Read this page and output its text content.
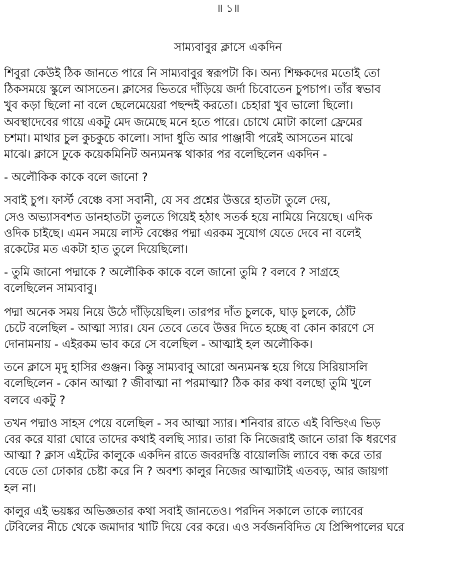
॥ ১॥
সাম্যবাবুর ক্লাসে একদিন
শিবুরা কেউই ঠিক জানতে পারে নি সাম্যবাবুর স্বরূপটা কি। অন্য শিক্ষকদের মতোই তো
ঠিকসময়ে স্কুলে আসতেন। ক্লাসের ভিতরে দাঁড়িয়ে জর্দা চিবোতেন চুপচাপ। তাঁর স্বভাব
খুব কড়া ছিলো না বলে ছেলেমেয়েরা পছন্দই করতো। চেহারা খুব ভালো ছিলো।
অবস্থাদেবের গায়ে একটু মেদ জমেছে মনে হতে পারে। চোখে মোটা কালো ফ্রেমের
চশমা। মাথার চুল কুচকুচে কালো। সাদা ধুতি আর পাঞ্জাবী পরেই আসতেন মাঝে
মাঝে। ক্লাসে ঢুকে কয়েকমিনিট অন্যমনস্ক থাকার পর বলেছিলেন একদিন -
- অলৌকিক কাকে বলে জানো ?
সবাই চুপ। ফার্স্ট বেঞ্চে বসা সবানী, যে সব প্রশ্নের উত্তরে হাতটা তুলে দেয়,
সেও অভ্যাসবশত ডানহাতটা তুলতে গিয়েই হঠাৎ সতর্ক হয়ে নামিয়ে নিয়েছে। এদিক
ওদিক চাইছে। এমন সময়ে লাস্ট বেঞ্চের পদ্মা এরকম সুযোগ যেতে দেবে না বলেই
রকেটের মত একটা হাত তুলে দিয়েছিলো।
- তুমি জানো পদ্মাকে ? অলৌকিক কাকে বলে জানো তুমি ? বলবে ? সাগ্রহে
বলেছিলেন সাম্যবাবু।
পদ্মা অনেক সময় নিয়ে উঠে দাঁড়িয়েছিল। তারপর দাঁত চুলকে, ঘাড় চুলকে, ঠোঁট
চেটে বলেছিল - আত্মা স্যার। যেন তেবে তেবে উত্তর দিতে হচ্ছে বা কোন কারণে সে
দোনামনায় - এইরকম ভাব করে সে বলেছিল - আত্মাই হল অলৌকিক।
তনে ক্লাসে মৃদু হাসির গুঞ্জন। কিন্তু সাম্যবাবু আরো অন্যমনস্ক হয়ে গিয়ে সিরিয়াসলি
বলেছিলেন - কোন আত্মা ? জীবাত্মা না পরমাত্মা? ঠিক কার কথা বলছো তুমি খুলে
বলবে একটু ?
তখন পদ্মাও সাহস পেয়ে বলেছিল - সব আত্মা স্যার। শনিবার রাতে এই বিল্ডিংএ ভিড়
বের করে যারা ঘোরে তাদের কথাই বলছি স্যার। তারা কি নিজেরাই জানে তারা কি ধরণের
আত্মা ? ক্লাস এইটের কালুকে একদিন রাতে জবরদস্তি বায়োলজি ল্যাবে বন্ধ করে তার
বেডে তো ঢোকার চেষ্টা করে নি ? অবশ্য কালুর নিজের আত্মাটাই এতবড়, আর জায়গা
হল না।
কালুর এই ভয়ঙ্কর অভিজ্ঞতার কথা সবাই জানতেও। পরদিন সকালে তাকে ল্যাবের
টেবিলের নীচে থেকে জমাদার খাটি দিয়ে বের করে। এও সর্বজনবিদিত যে প্রিন্সিপালের ঘরে
